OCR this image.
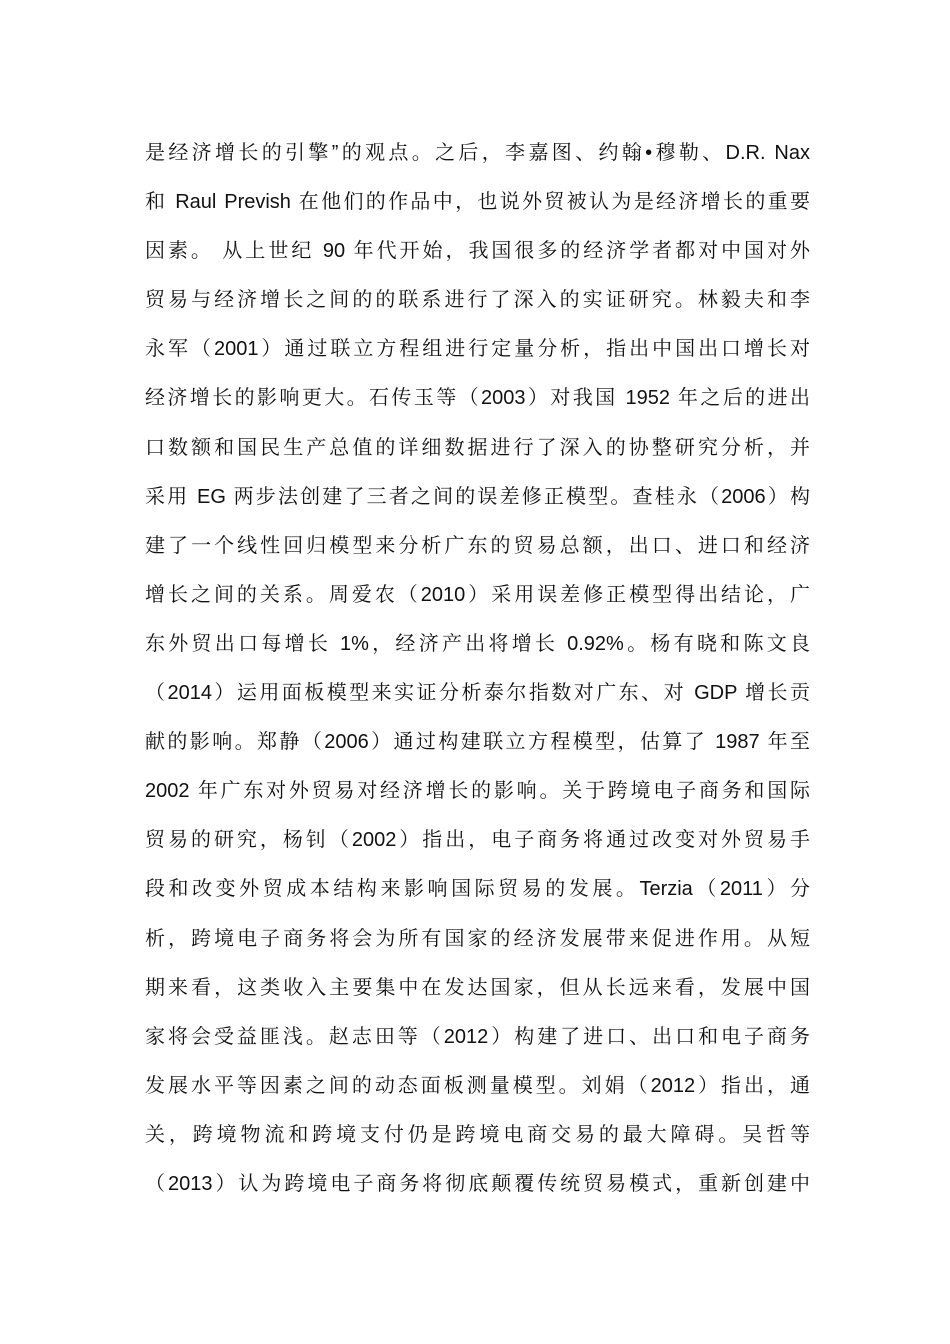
是经济增长的引擎”的观点。之后，李嘉图、约翰•穆勒、D.R. Nax
和 Raul Prevish 在他们的作品中，也说外贸被认为是经济增长的重要
因素。 从上世纪 90 年代开始，我国很多的经济学者都对中国对外
贸易与经济增长之间的的联系进行了深入的实证研究。林毅夫和李
永军（2001）通过联立方程组进行定量分析，指出中国出口增长对
经济增长的影响更大。石传玉等（2003）对我国 1952 年之后的进出
口数额和国民生产总值的详细数据进行了深入的协整研究分析，并
采用 EG 两步法创建了三者之间的误差修正模型。查桂永（2006）构
建了一个线性回归模型来分析广东的贸易总额，出口、进口和经济
增长之间的关系。周爱农（2010）采用误差修正模型得出结论，广
东外贸出口每增长 1%，经济产出将增长 0.92%。杨有晓和陈文良
（2014）运用面板模型来实证分析泰尔指数对广东、对 GDP 增长贡
献的影响。郑静（2006）通过构建联立方程模型，估算了 1987 年至
2002 年广东对外贸易对经济增长的影响。关于跨境电子商务和国际
贸易的研究，杨钊（2002）指出，电子商务将通过改变对外贸易手
段和改变外贸成本结构来影响国际贸易的发展。Terzia（2011）分
析，跨境电子商务将会为所有国家的经济发展带来促进作用。从短
期来看，这类收入主要集中在发达国家，但从长远来看，发展中国
家将会受益匪浅。赵志田等（2012）构建了进口、出口和电子商务
发展水平等因素之间的动态面板测量模型。刘娟（2012）指出，通
关，跨境物流和跨境支付仍是跨境电商交易的最大障碍。吴哲等
（2013）认为跨境电子商务将彻底颠覆传统贸易模式，重新创建中
